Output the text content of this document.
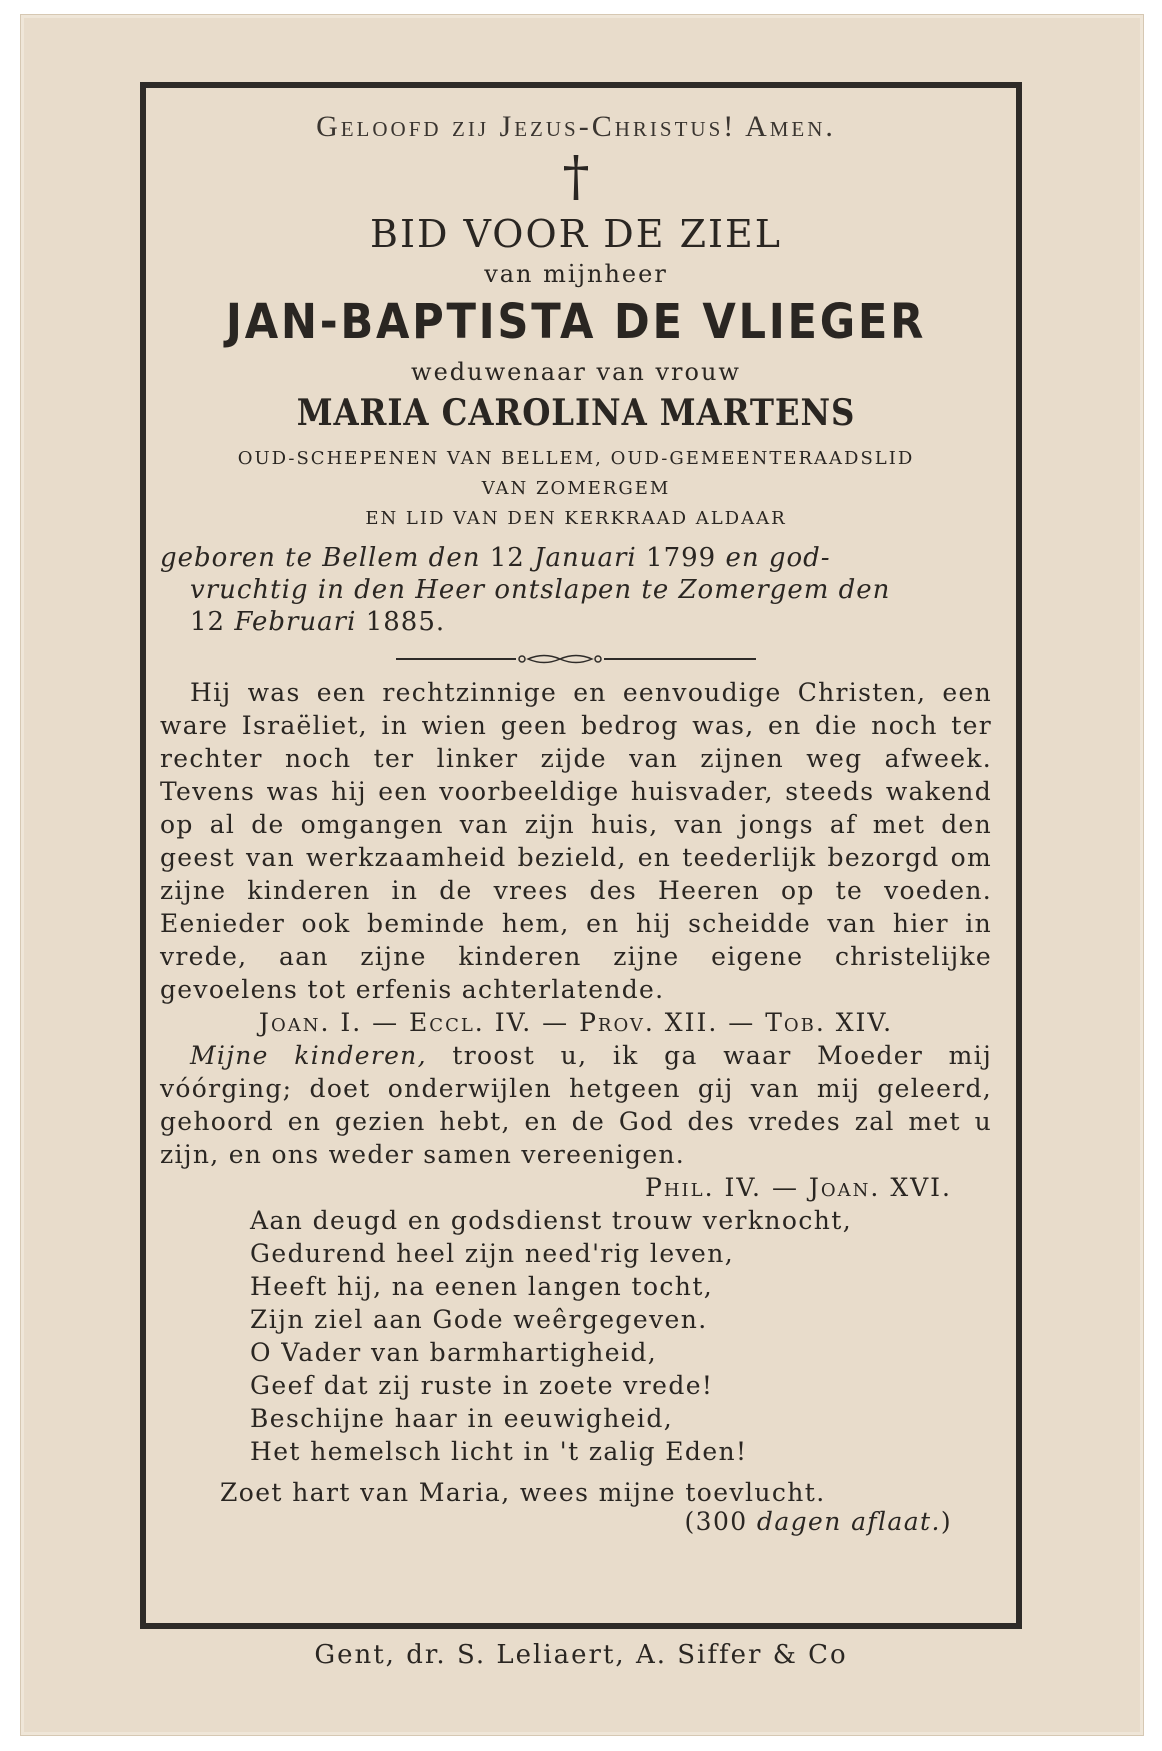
Geloofd zij Jezus-Christus! Amen.
†
BID VOOR DE ZIEL
van mijnheer
JAN-BAPTISTA DE VLIEGER
weduwenaar van vrouw
MARIA CAROLINA MARTENS
OUD-SCHEPENEN VAN BELLEM, OUD-GEMEENTERAADSLID
VAN ZOMERGEM
EN LID VAN DEN KERKRAAD ALDAAR
geboren te Bellem den 12 Januari 1799 en god-
vruchtig in den Heer ontslapen te Zomergem den
12 Februari 1885.

Hij was een rechtzinnige en eenvoudige Christen, een ware Israëliet, in wien geen bedrog was, en die noch ter rechter noch ter linker zijde van zijnen weg afweek. Tevens was hij een voorbeeldige huisvader, steeds wakend op al de omgangen van zijn huis, van jongs af met den geest van werkzaamheid bezield, en teederlijk bezorgd om zijne kinderen in de vrees des Heeren op te voeden. Eenieder ook beminde hem, en hij scheidde van hier in vrede, aan zijne kinderen zijne eigene christelijke gevoelens tot erfenis achterlatende.

Joan. I. — Eccl. IV. — Prov. XII. — Tob. XIV.

Mijne kinderen, troost u, ik ga waar Moeder mij vóórging; doet onderwijlen hetgeen gij van mij geleerd, gehoord en gezien hebt, en de God des vredes zal met u zijn, en ons weder samen vereenigen.

Phil. IV. — Joan. XVI.
Aan deugd en godsdienst trouw verknocht,
Gedurend heel zijn need'rig leven,
Heeft hij, na eenen langen tocht,
Zijn ziel aan Gode weêrgegeven.
O Vader van barmhartigheid,
Geef dat zij ruste in zoete vrede!
Beschijne haar in eeuwigheid,
Het hemelsch licht in 't zalig Eden!
Zoet hart van Maria, wees mijne toevlucht.
(300 dagen aflaat.)
Gent, dr. S. Leliaert, A. Siffer & Co
